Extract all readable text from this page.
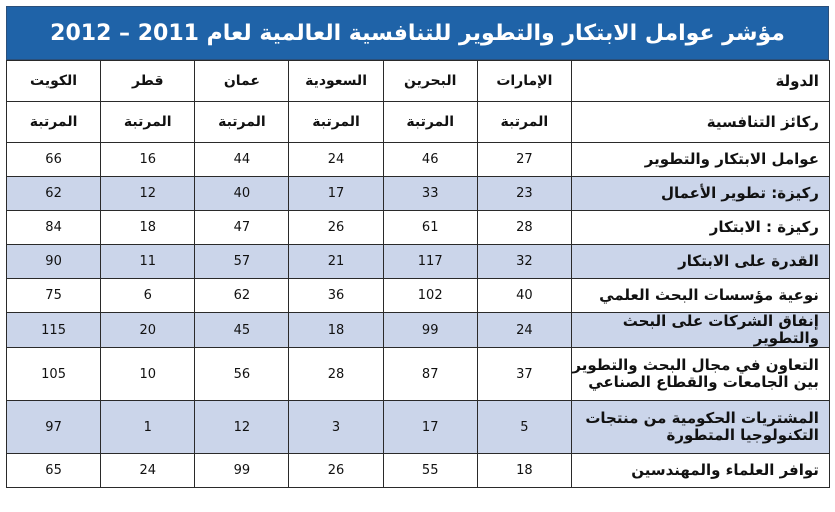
مؤشر عوامل الابتكار والتطوير للتنافسية العالمية لعام 2011 – 2012
الدولة	الإمارات	البحرين	السعودية	عمان	قطر	الكويت
ركائز التنافسية	المرتبة	المرتبة	المرتبة	المرتبة	المرتبة	المرتبة
عوامل الابتكار والتطوير	27	46	24	44	16	66
ركيزة: تطوير الأعمال	23	33	17	40	12	62
ركيزة : الابتكار	28	61	26	47	18	84
القدرة على الابتكار	32	117	21	57	11	90
نوعية مؤسسات البحث العلمي	40	102	36	62	6	75
إنفاق الشركات على البحث والتطوير	24	99	18	45	20	115
التعاون في مجال البحث والتطوير بين الجامعات والقطاع الصناعي	37	87	28	56	10	105
المشتريات الحكومية من منتجات التكنولوجيا المتطورة	5	17	3	12	1	97
توافر العلماء والمهندسين	18	55	26	99	24	65
